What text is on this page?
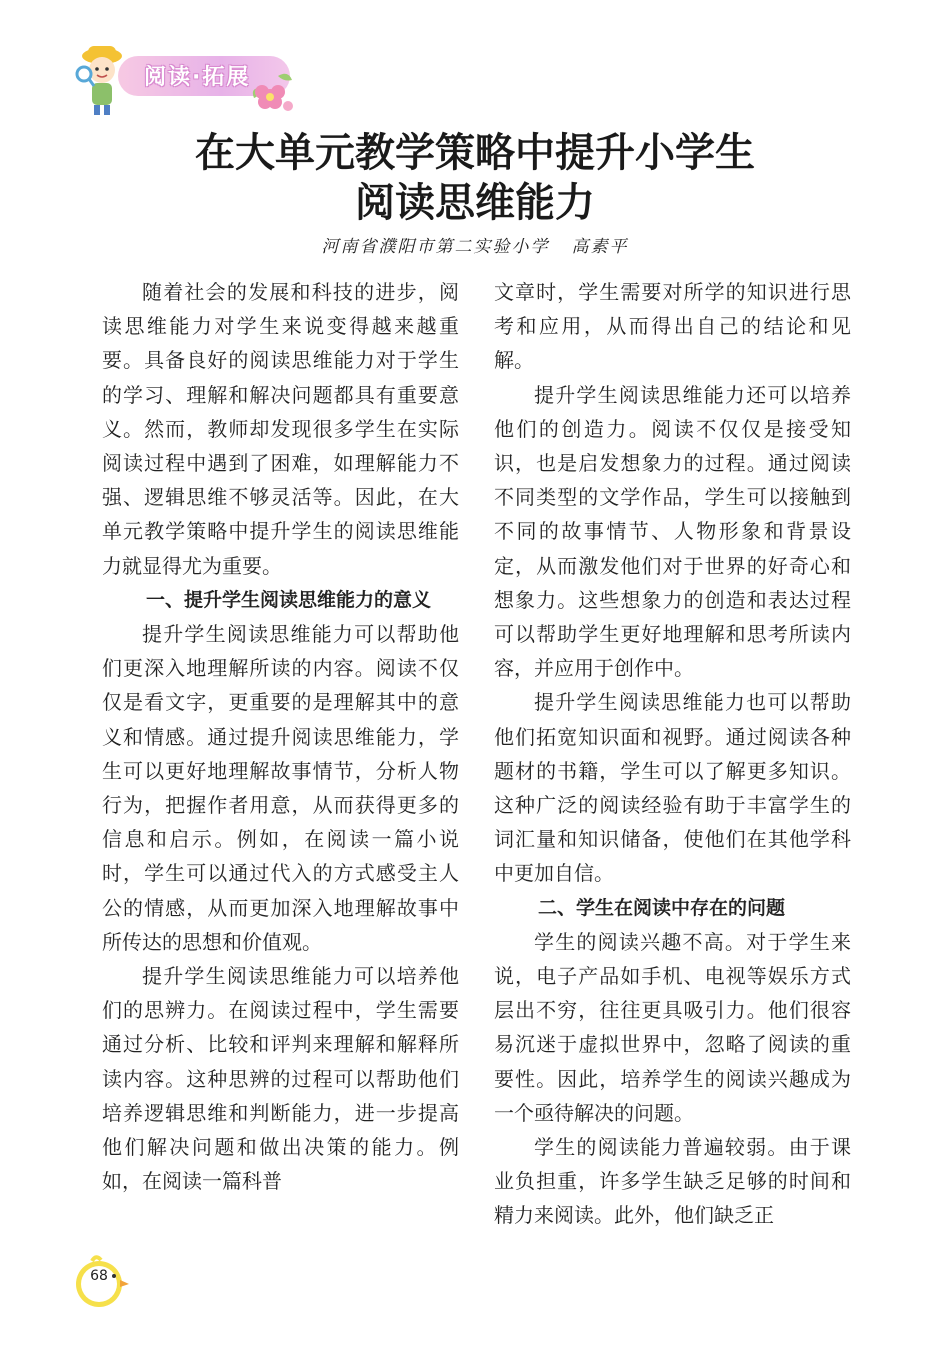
阅读·拓展
在大单元教学策略中提升小学生
阅读思维能力
河南省濮阳市第二实验小学 高素平

随着社会的发展和科技的进步，阅读思维能力对学生来说变得越来越重要。具备良好的阅读思维能力对于学生的学习、理解和解决问题都具有重要意义。然而，教师却发现很多学生在实际阅读过程中遇到了困难，如理解能力不强、逻辑思维不够灵活等。因此，在大单元教学策略中提升学生的阅读思维能力就显得尤为重要。

一、提升学生阅读思维能力的意义

提升学生阅读思维能力可以帮助他们更深入地理解所读的内容。阅读不仅仅是看文字，更重要的是理解其中的意义和情感。通过提升阅读思维能力，学生可以更好地理解故事情节，分析人物行为，把握作者用意，从而获得更多的信息和启示。例如，在阅读一篇小说时，学生可以通过代入的方式感受主人公的情感，从而更加深入地理解故事中所传达的思想和价值观。

提升学生阅读思维能力可以培养他们的思辨力。在阅读过程中，学生需要通过分析、比较和评判来理解和解释所读内容。这种思辨的过程可以帮助他们培养逻辑思维和判断能力，进一步提高他们解决问题和做出决策的能力。例如，在阅读一篇科普

文章时，学生需要对所学的知识进行思考和应用，从而得出自己的结论和见解。

提升学生阅读思维能力还可以培养他们的创造力。阅读不仅仅是接受知识，也是启发想象力的过程。通过阅读不同类型的文学作品，学生可以接触到不同的故事情节、人物形象和背景设定，从而激发他们对于世界的好奇心和想象力。这些想象力的创造和表达过程可以帮助学生更好地理解和思考所读内容，并应用于创作中。

提升学生阅读思维能力也可以帮助他们拓宽知识面和视野。通过阅读各种题材的书籍，学生可以了解更多知识。这种广泛的阅读经验有助于丰富学生的词汇量和知识储备，使他们在其他学科中更加自信。

二、学生在阅读中存在的问题

学生的阅读兴趣不高。对于学生来说，电子产品如手机、电视等娱乐方式层出不穷，往往更具吸引力。他们很容易沉迷于虚拟世界中，忽略了阅读的重要性。因此，培养学生的阅读兴趣成为一个亟待解决的问题。

学生的阅读能力普遍较弱。由于课业负担重，许多学生缺乏足够的时间和精力来阅读。此外，他们缺乏正

68
